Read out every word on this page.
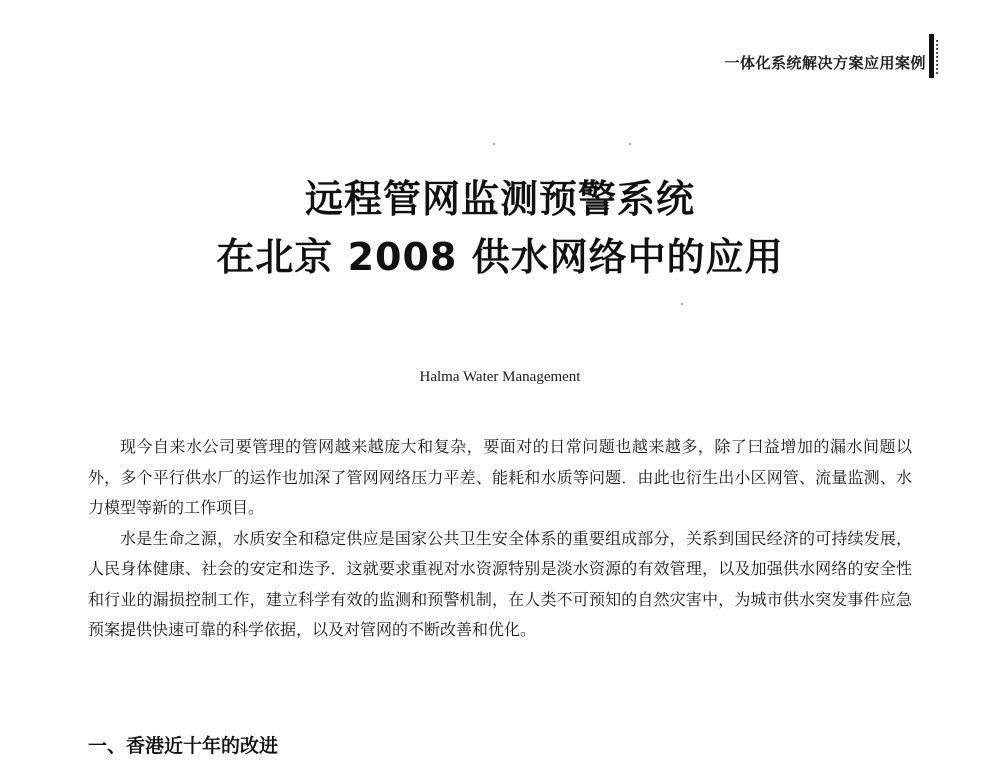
一体化系统解决方案应用案例
远程管网监测预警系统
在北京 2008 供水网络中的应用
Halma Water Management

现今自来水公司要管理的管网越来越庞大和复杂，要面对的日常问题也越来越多，除了曰益增加的漏水间题以外，多个平行供水厂的运作也加深了管网网络压力平差、能耗和水质等问题．由此也衍生出小区网管、流量监测、水力模型等新的工作项目。

水是生命之源，水质安全和稳定供应是国家公共卫生安全体系的重要组成部分，关系到国民经济的可持续发展，人民身体健康、社会的安定和迭予．这就要求重视对水资源特别是淡水资源的有效管理，以及加强供水网络的安全性和行业的漏损控制工作，建立科学有效的监测和预警机制，在人类不可预知的自然灾害中，为城市供水突发事件应急预案提供快速可靠的科学依据，以及对管网的不断改善和优化。

一、香港近十年的改进
